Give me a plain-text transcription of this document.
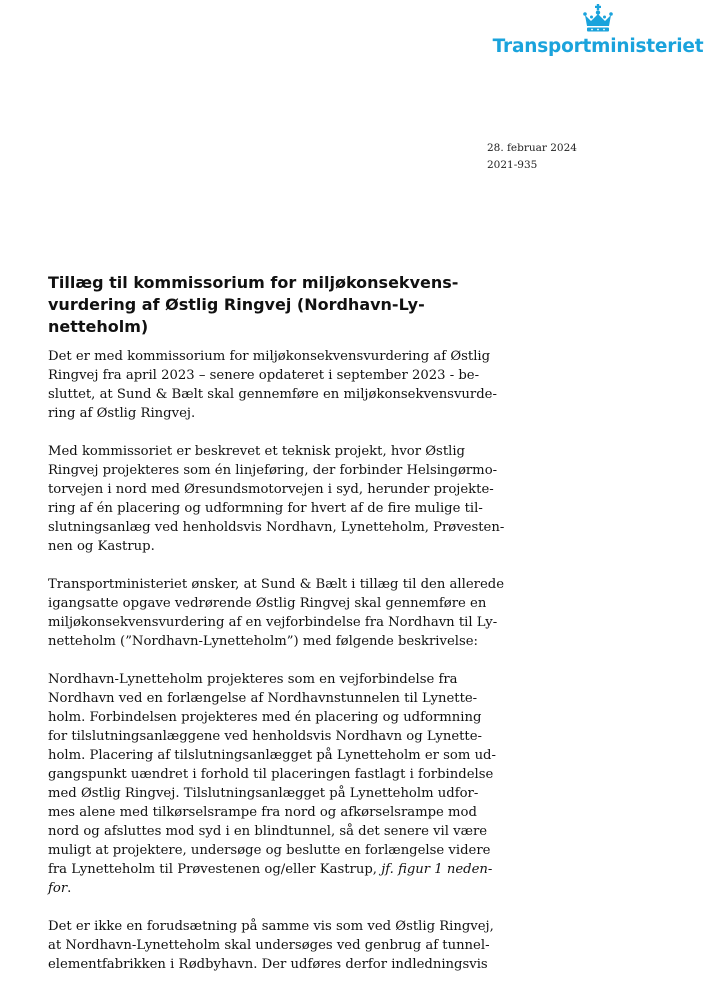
Transportministeriet
28. februar 2024
2021-935
Tillæg til kommissorium for miljøkonsekvens-
vurdering af Østlig Ringvej (Nordhavn-Ly-
netteholm)

Det er med kommissorium for miljøkonsekvensvurdering af Østlig
Ringvej fra april 2023 – senere opdateret i september 2023 - be-
sluttet, at Sund & Bælt skal gennemføre en miljøkonsekvensvurde-
ring af Østlig Ringvej.

Med kommissoriet er beskrevet et teknisk projekt, hvor Østlig
Ringvej projekteres som én linjeføring, der forbinder Helsingørmo-
torvejen i nord med Øresundsmotorvejen i syd, herunder projekte-
ring af én placering og udformning for hvert af de fire mulige til-
slutningsanlæg ved henholdsvis Nordhavn, Lynetteholm, Prøvesten-
nen og Kastrup.

Transportministeriet ønsker, at Sund & Bælt i tillæg til den allerede
igangsatte opgave vedrørende Østlig Ringvej skal gennemføre en
miljøkonsekvensvurdering af en vejforbindelse fra Nordhavn til Ly-
netteholm (”Nordhavn-Lynetteholm”) med følgende beskrivelse:

Nordhavn-Lynetteholm projekteres som en vejforbindelse fra
Nordhavn ved en forlængelse af Nordhavnstunnelen til Lynette-
holm. Forbindelsen projekteres med én placering og udformning
for tilslutningsanlæggene ved henholdsvis Nordhavn og Lynette-
holm. Placering af tilslutningsanlægget på Lynetteholm er som ud-
gangspunkt uændret i forhold til placeringen fastlagt i forbindelse
med Østlig Ringvej. Tilslutningsanlægget på Lynetteholm udfor-
mes alene med tilkørselsrampe fra nord og afkørselsrampe mod
nord og afsluttes mod syd i en blindtunnel, så det senere vil være
muligt at projektere, undersøge og beslutte en forlængelse videre
fra Lynetteholm til Prøvestenen og/eller Kastrup, jf. figur 1 neden-
for.

Det er ikke en forudsætning på samme vis som ved Østlig Ringvej,
at Nordhavn-Lynetteholm skal undersøges ved genbrug af tunnel-
elementfabrikken i Rødbyhavn. Der udføres derfor indledningsvis
